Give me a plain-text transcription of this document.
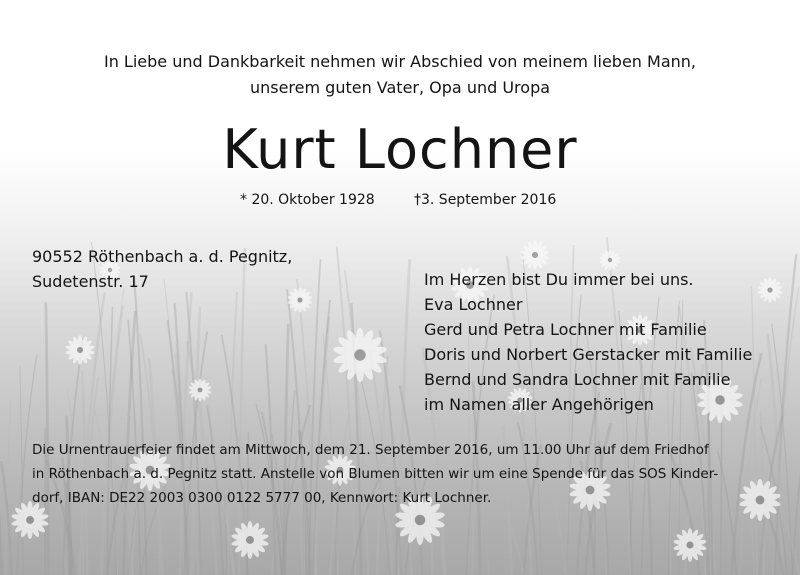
In Liebe und Dankbarkeit nehmen wir Abschied von meinem lieben Mann,
unserem guten Vater, Opa und Uropa
Kurt Lochner
* 20. Oktober 1928	†3. September 2016
90552 Röthenbach a. d. Pegnitz,
Sudetenstr. 17	Im Herzen bist Du immer bei uns.
Eva Lochner
Gerd und Petra Lochner mit Familie
Doris und Norbert Gerstacker mit Familie
Bernd und Sandra Lochner mit Familie
im Namen aller Angehörigen
Die Urnentrauerfeier findet am Mittwoch, dem 21. September 2016, um 11.00 Uhr auf dem Friedhof
in Röthenbach a. d. Pegnitz statt. Anstelle von Blumen bitten wir um eine Spende für das SOS Kinder-
dorf, IBAN: DE22 2003 0300 0122 5777 00, Kennwort: Kurt Lochner.
